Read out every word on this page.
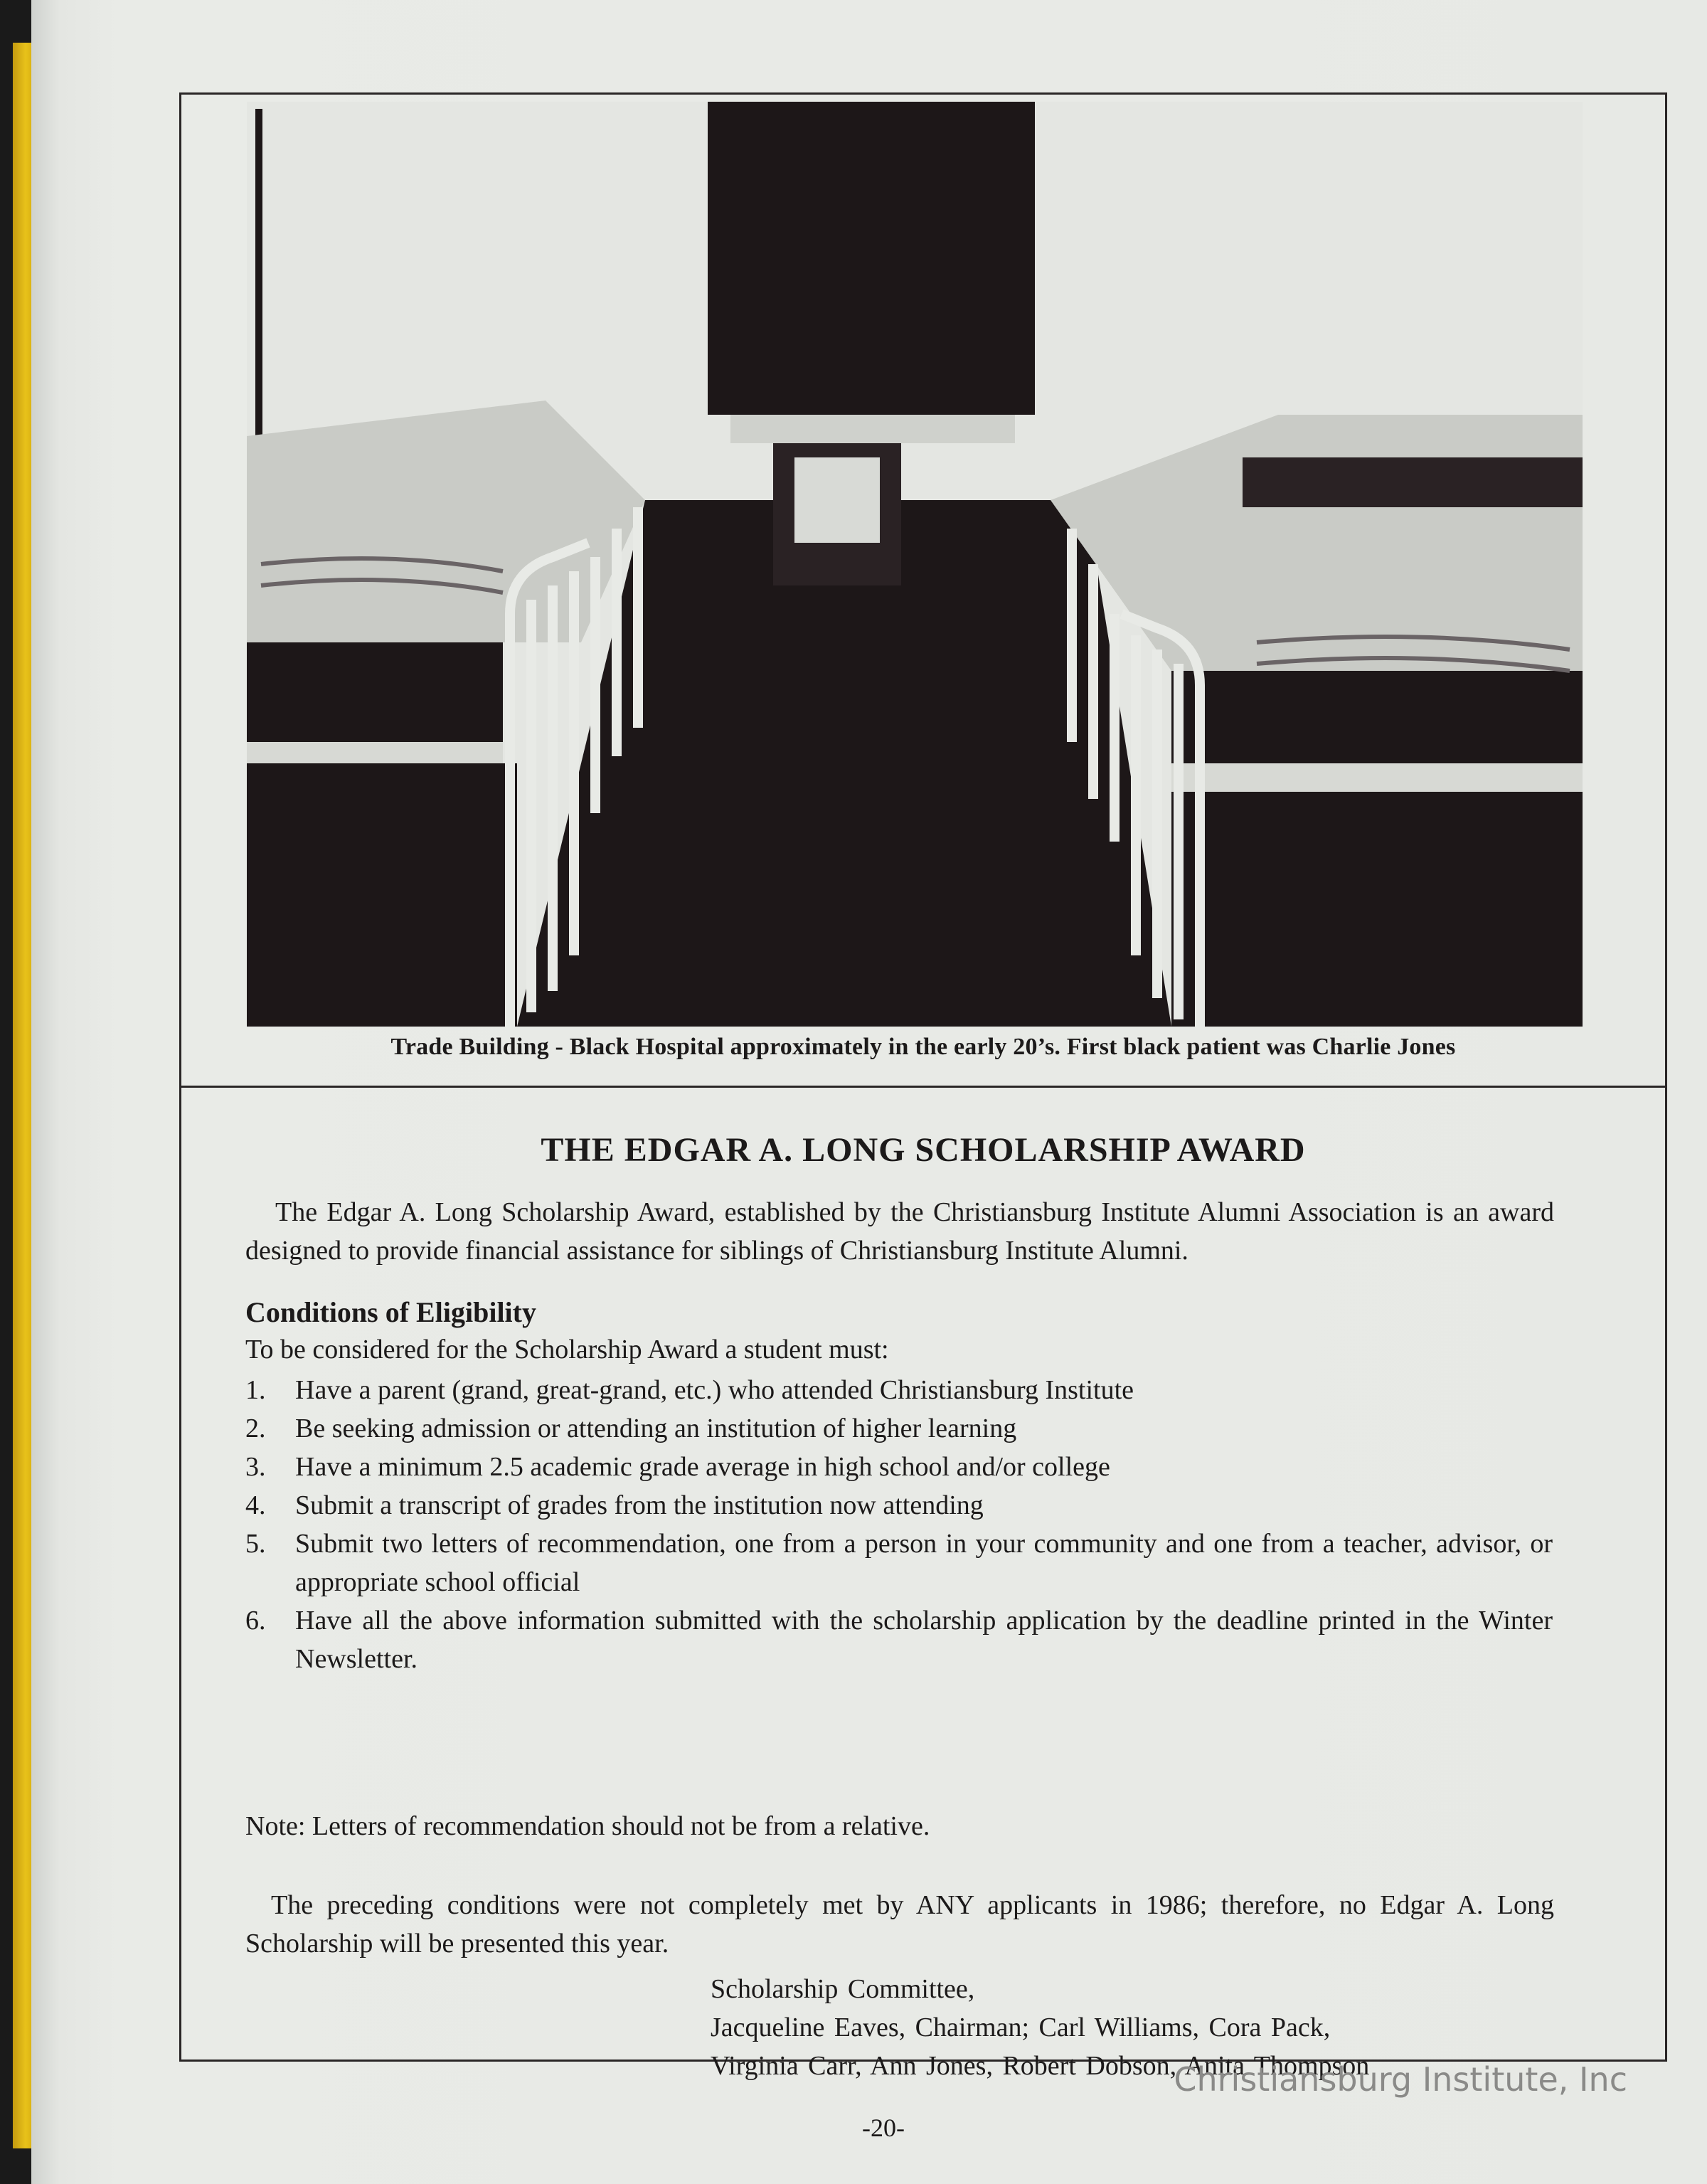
Trade Building - Black Hospital approximately in the early 20’s. First black patient was Charlie Jones
THE EDGAR A. LONG SCHOLARSHIP AWARD

The Edgar A. Long Scholarship Award, established by the Christiansburg Institute Alumni Association is an award designed to provide financial assistance for siblings of Christiansburg Institute Alumni.

Conditions of Eligibility
To be considered for the Scholarship Award a student must:
1. Have a parent (grand, great-grand, etc.) who attended Christiansburg Institute
2. Be seeking admission or attending an institution of higher learning
3. Have a minimum 2.5 academic grade average in high school and/or college
4. Submit a transcript of grades from the institution now attending
5. Submit two letters of recommendation, one from a person in your community and one from a teacher, advisor, or appropriate school official
6. Have all the above information submitted with the scholarship application by the deadline printed in the Winter Newsletter.
Note: Letters of recommendation should not be from a relative.

The preceding conditions were not completely met by ANY applicants in 1986; therefore, no Edgar A. Long Scholarship will be presented this year.

Scholarship Committee,
Jacqueline Eaves, Chairman; Carl Williams, Cora Pack,
Virginia Carr, Ann Jones, Robert Dobson, Anita Thompson
Christiansburg Institute, Inc
-20-
